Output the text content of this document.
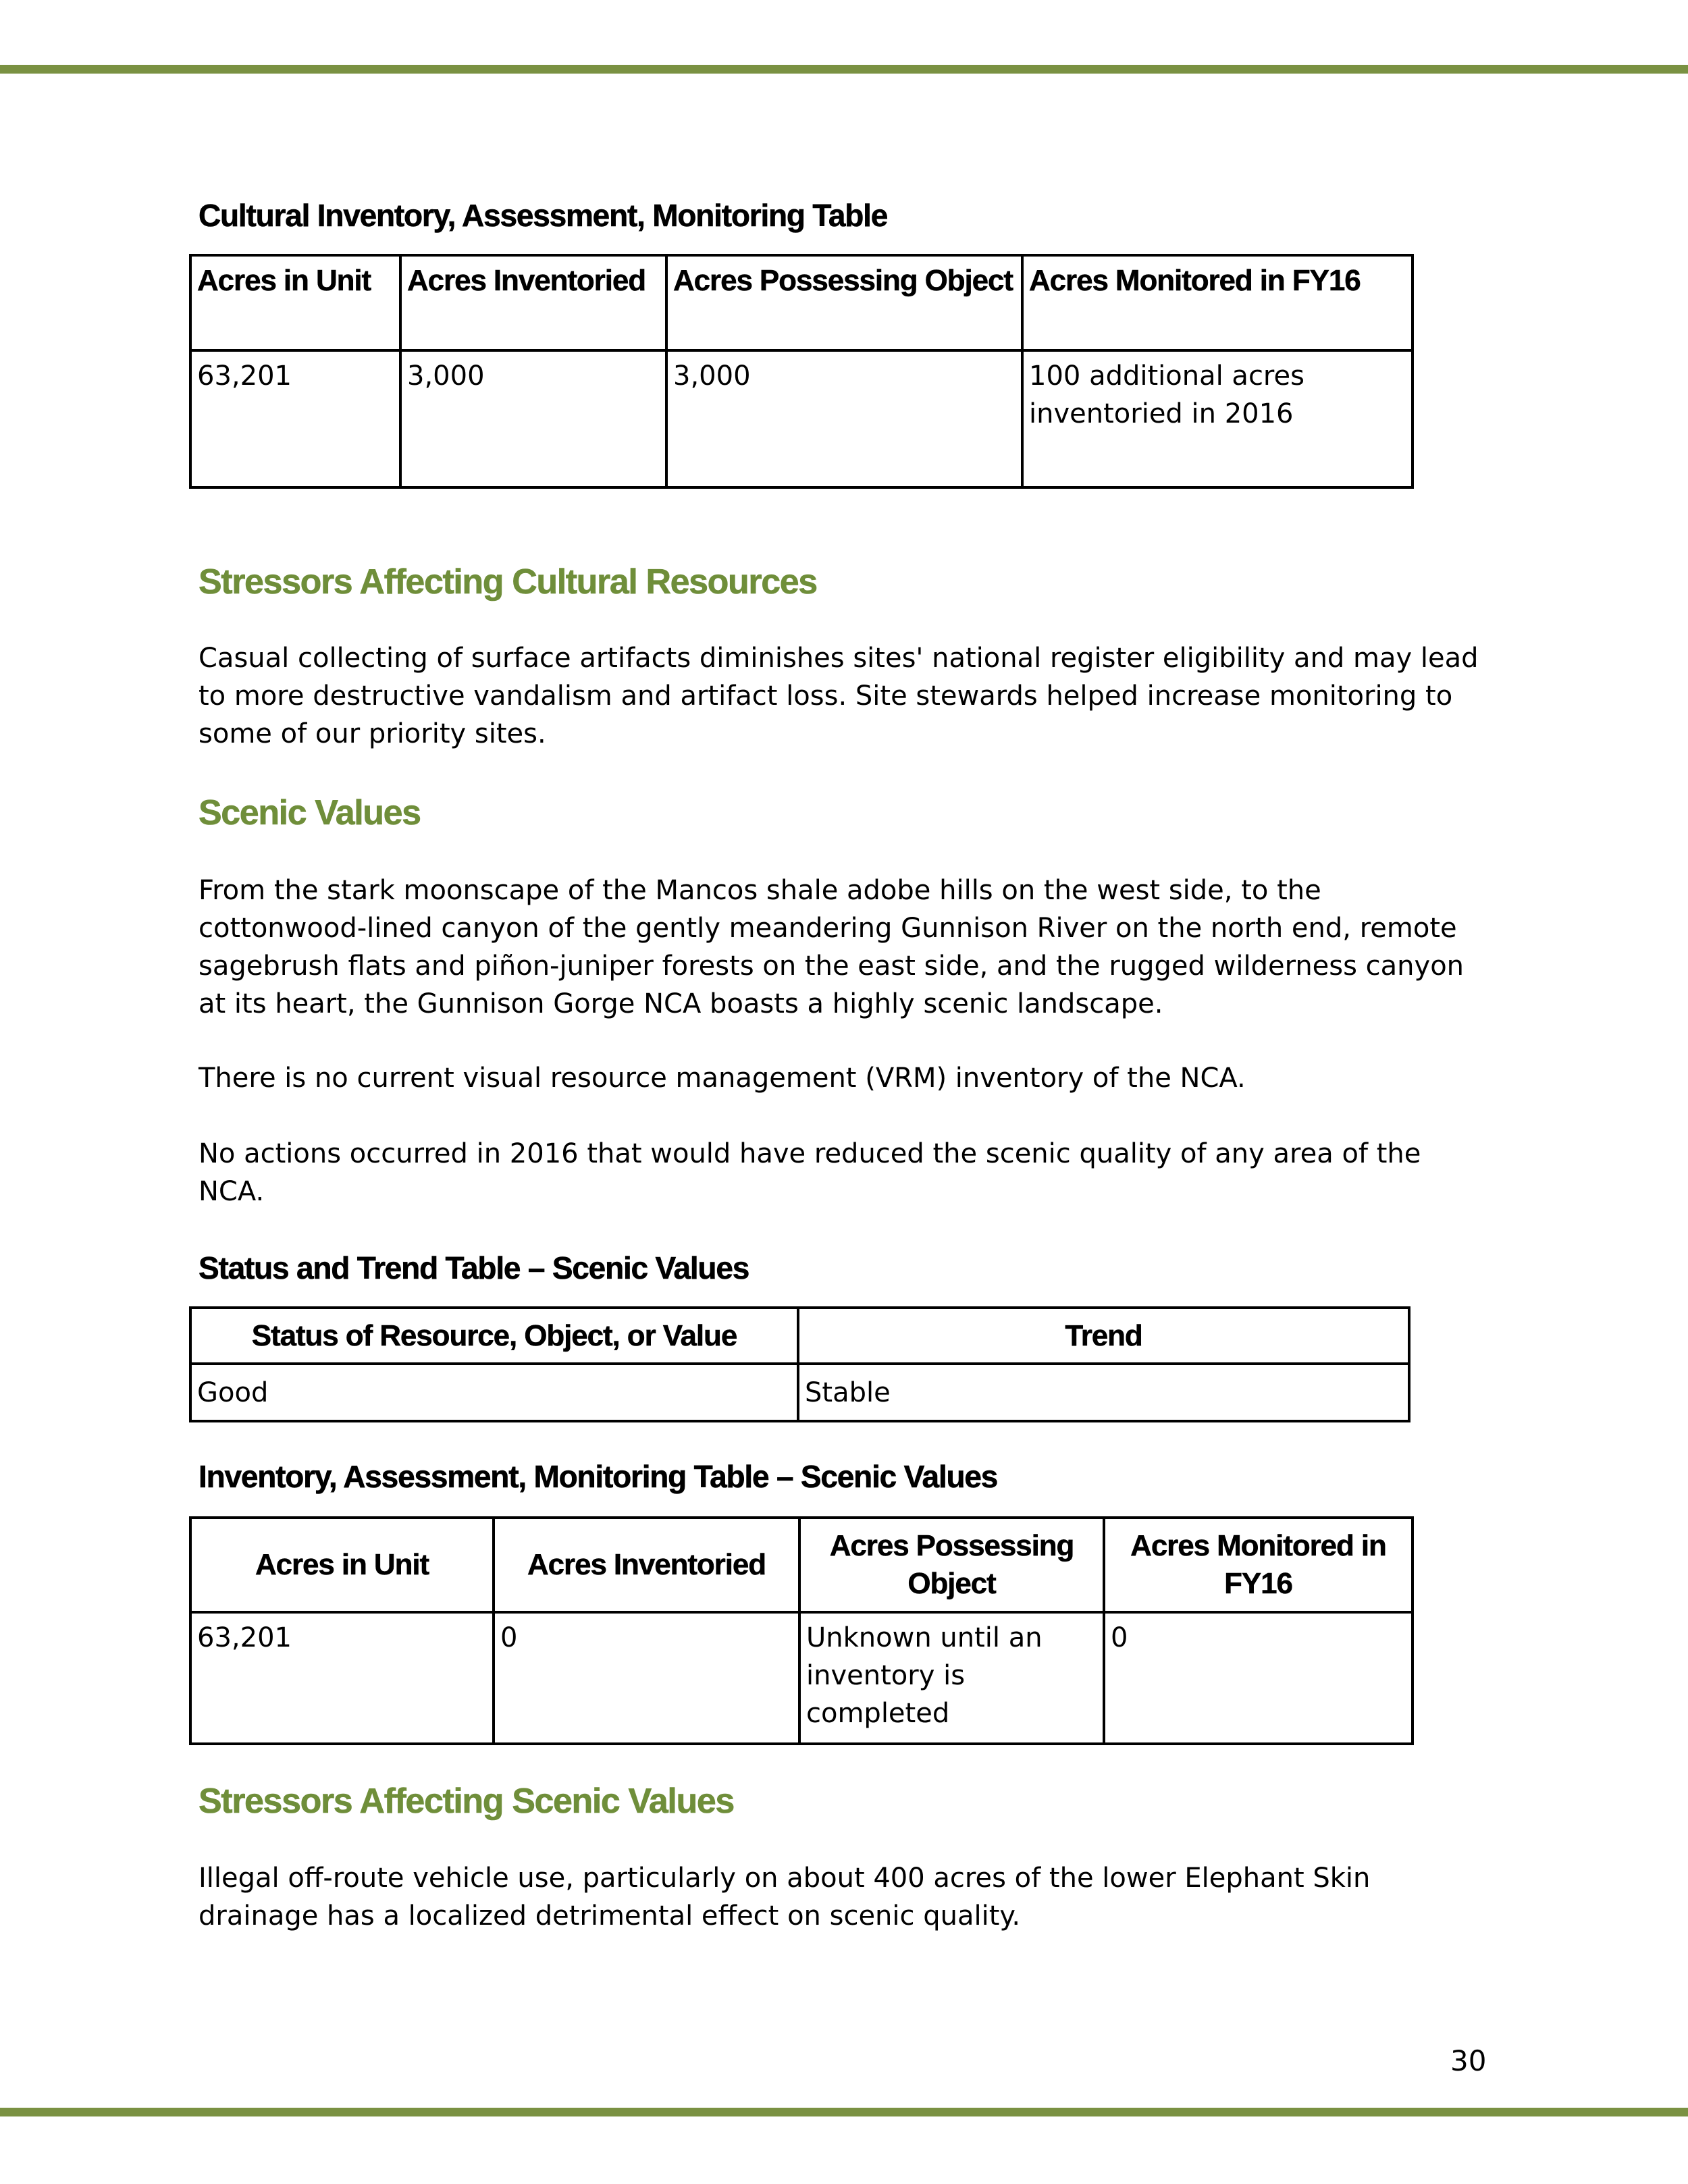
Cultural Inventory, Assessment, Monitoring Table
Acres in Unit	Acres Inventoried	Acres Possessing Object	Acres Monitored in FY16
63,201	3,000	3,000	100 additional acres inventoried in 2016
Stressors Affecting Cultural Resources
Casual collecting of surface artifacts diminishes sites' national register eligibility and may lead to more destructive vandalism and artifact loss. Site stewards helped increase monitoring to some of our priority sites.
Scenic Values
From the stark moonscape of the Mancos shale adobe hills on the west side, to the cottonwood-lined canyon of the gently meandering Gunnison River on the north end, remote sagebrush flats and piñon-juniper forests on the east side, and the rugged wilderness canyon at its heart, the Gunnison Gorge NCA boasts a highly scenic landscape.
There is no current visual resource management (VRM) inventory of the NCA.
No actions occurred in 2016 that would have reduced the scenic quality of any area of the NCA.
Status and Trend Table – Scenic Values
Status of Resource, Object, or Value	Trend
Good	Stable
Inventory, Assessment, Monitoring Table – Scenic Values
Acres in Unit	Acres Inventoried	Acres Possessing Object	Acres Monitored in FY16
63,201	0	Unknown until an inventory is completed	0
Stressors Affecting Scenic Values
Illegal off-route vehicle use, particularly on about 400 acres of the lower Elephant Skin drainage has a localized detrimental effect on scenic quality.
30
